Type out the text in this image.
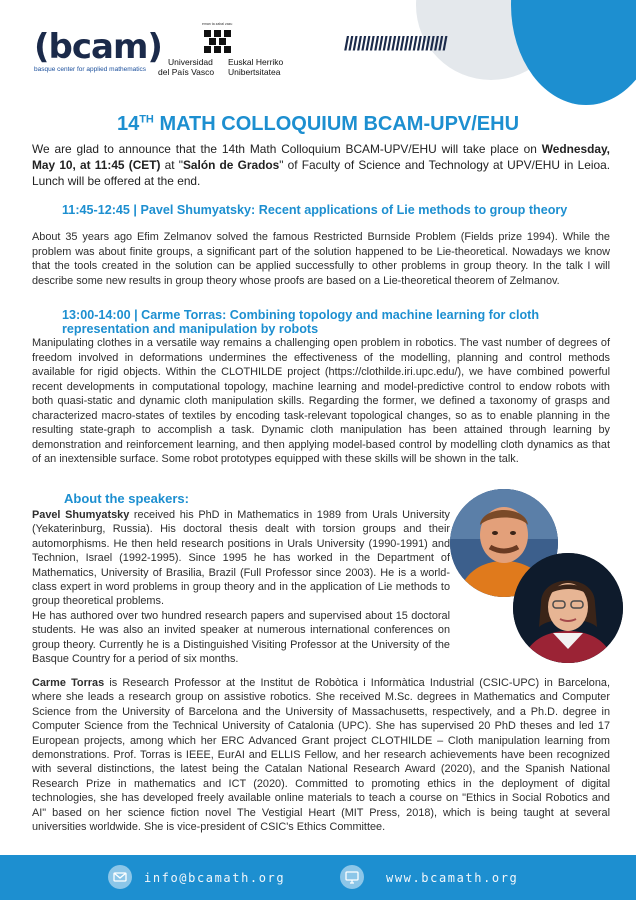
(bcam)
basque center for applied mathematics
eman ta zabal zazu
Universidad
del País Vasco
Euskal Herriko
Unibertsitatea
////////////////////////
14TH MATH COLLOQUIUM BCAM-UPV/EHU

We are glad to announce that the 14th Math Colloquium BCAM-UPV/EHU will take place on Wednesday, May 10, at 11:45 (CET) at "Salón de Grados" of Faculty of Science and Technology at UPV/EHU in Leioa. Lunch will be offered at the end.

11:45-12:45 | Pavel Shumyatsky: Recent applications of Lie methods to group theory

About 35 years ago Efim Zelmanov solved the famous Restricted Burnside Problem (Fields prize 1994). While the problem was about finite groups, a significant part of the solution happened to be Lie-theoretical. Nowadays we know that the tools created in the solution can be applied successfully to other problems in group theory. In the talk I will describe some new results in group theory whose proofs are based on a Lie-theoretical theorem of Zelmanov.

13:00-14:00 | Carme Torras: Combining topology and machine learning for cloth representation and manipulation by robots

Manipulating clothes in a versatile way remains a challenging open problem in robotics. The vast number of degrees of freedom involved in deformations undermines the effectiveness of the modelling, planning and control methods available for rigid objects. Within the CLOTHILDE project (https://clothilde.iri.upc.edu/), we have combined powerful recent developments in computational topology, machine learning and model-predictive control to endow robots with both quasi-static and dynamic cloth manipulation skills. Regarding the former, we defined a taxonomy of grasps and characterized macro-states of textiles by encoding task-relevant topological changes, so as to enable planning in the resulting state-graph to accomplish a task. Dynamic cloth manipulation has been attained through learning by demonstration and reinforcement learning, and then applying model-based control by modelling cloth dynamics as that of an inextensible surface. Some robot prototypes equipped with these skills will be shown in the talk.

About the speakers:

Pavel Shumyatsky received his PhD in Mathematics in 1989 from Urals University (Yekaterinburg, Russia). His doctoral thesis dealt with torsion groups and their automorphisms. He then held research positions in Urals University (1990-1991) and Technion, Israel (1992-1995). Since 1995 he has worked in the Department of Mathematics, University of Brasilia, Brazil (Full Professor since 2003). He is a world-class expert in word problems in group theory and in the application of Lie methods to group theoretical problems.

He has authored over two hundred research papers and supervised about 15 doctoral students. He was also an invited speaker at numerous international conferences on group theory. Currently he is a Distinguished Visiting Professor at the University of the Basque Country for a period of six months.

Carme Torras is Research Professor at the Institut de Robòtica i Informàtica Industrial (CSIC-UPC) in Barcelona, where she leads a research group on assistive robotics. She received M.Sc. degrees in Mathematics and Computer Science from the University of Barcelona and the University of Massachusetts, respectively, and a Ph.D. degree in Computer Science from the Technical University of Catalonia (UPC). She has supervised 20 PhD theses and led 17 European projects, among which her ERC Advanced Grant project CLOTHILDE – Cloth manipulation learning from demonstrations. Prof. Torras is IEEE, EurAI and ELLIS Fellow, and her research achievements have been recognized with several distinctions, the latest being the Catalan National Research Award (2020), and the Spanish National Research Prize in mathematics and ICT (2020). Committed to promoting ethics in the deployment of digital technologies, she has developed freely available online materials to teach a course on "Ethics in Social Robotics and AI" based on her science fiction novel The Vestigial Heart (MIT Press, 2018), which is being taught at several universities worldwide. She is vice-president of CSIC's Ethics Committee.

info@bcamath.org	www.bcamath.org
